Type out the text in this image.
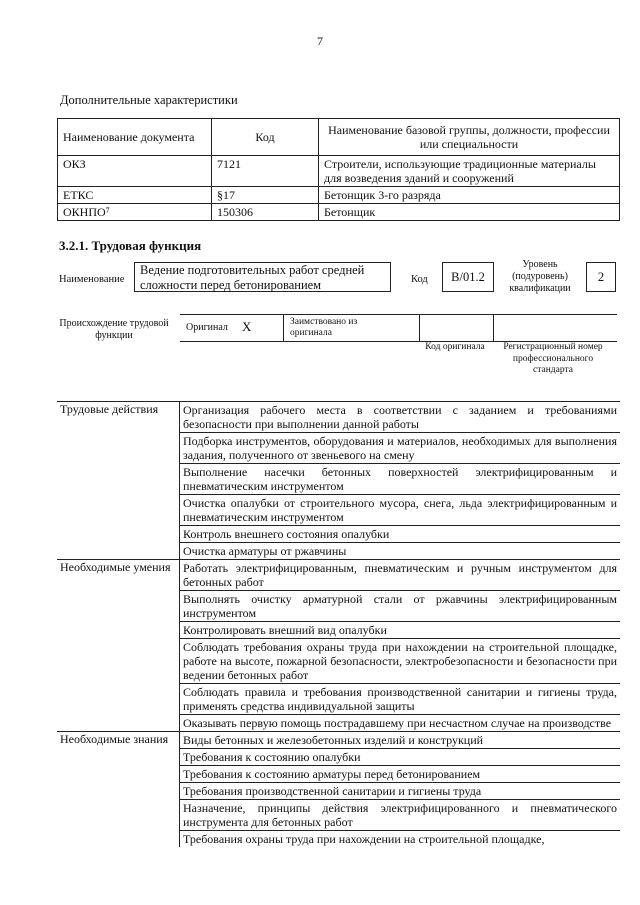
7
Дополнительные характеристики
Наименование документа	Код	Наименование базовой группы, должности, профессии или специальности
ОКЗ	7121	Строители, использующие традиционные материалы для возведения зданий и сооружений
ЕТКС	§17	Бетонщик 3-го разряда
ОКНПО⁷	150306	Бетонщик
3.2.1. Трудовая функция
Наименование
Ведение подготовительных работ средней сложности перед бетонированием	Код	B/01.2
Уровень (подуровень) квалификации
2
Происхождение трудовой функции
Оригинал X	Заимствовано из оригинала
Код оригинала	Регистрационный номер профессионального стандарта
Трудовые действия	Организация рабочего места в соответствии с заданием и требованиями безопасности при выполнении данной работы
	Подборка инструментов, оборудования и материалов, необходимых для выполнения задания, полученного от звеньевого на смену
	Выполнение насечки бетонных поверхностей электрифицированным и пневматическим инструментом
	Очистка опалубки от строительного мусора, снега, льда электрифицированным и пневматическим инструментом
	Контроль внешнего состояния опалубки
	Очистка арматуры от ржавчины
Необходимые умения	Работать электрифицированным, пневматическим и ручным инструментом для бетонных работ
	Выполнять очистку арматурной стали от ржавчины электрифицированным инструментом
	Контролировать внешний вид опалубки
	Соблюдать требования охраны труда при нахождении на строительной площадке, работе на высоте, пожарной безопасности, электробезопасности и безопасности при ведении бетонных работ
	Соблюдать правила и требования производственной санитарии и гигиены труда, применять средства индивидуальной защиты
	Оказывать первую помощь пострадавшему при несчастном случае на производстве
Необходимые знания	Виды бетонных и железобетонных изделий и конструкций
	Требования к состоянию опалубки
	Требования к состоянию арматуры перед бетонированием
	Требования производственной санитарии и гигиены труда
	Назначение, принципы действия электрифицированного и пневматического инструмента для бетонных работ
	Требования охраны труда при нахождении на строительной площадке,
